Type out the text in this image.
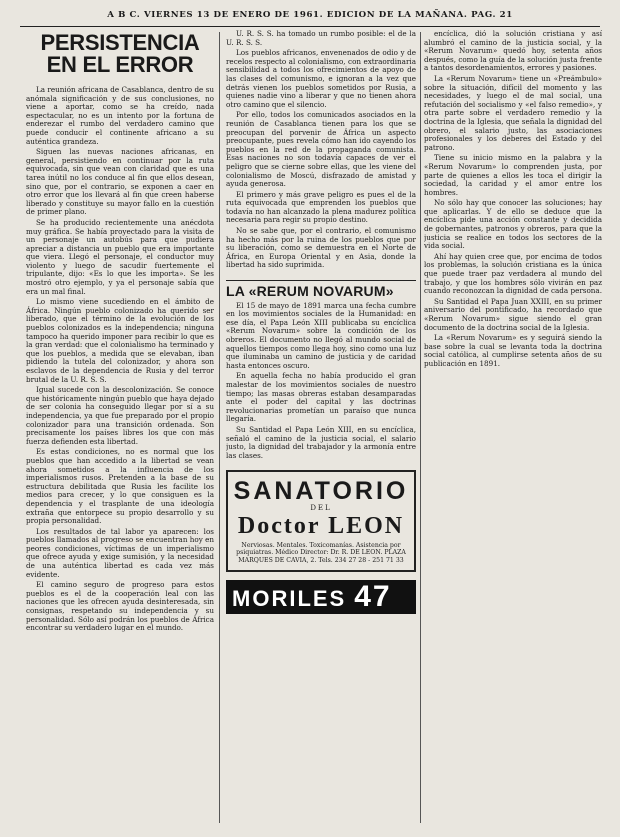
A B C. VIERNES 13 DE ENERO DE 1961. EDICION DE LA MAÑANA. PAG. 21
PERSISTENCIA EN EL ERROR

La reunión africana de Casablanca, dentro de su anómala significación y de sus conclusiones, no viene a aportar, como se ha creído, nada espectacular, no es un intento por la fortuna de enderezar el rumbo del verdadero camino que puede conducir el continente africano a su auténtica grandeza.

Siguen las nuevas naciones africanas, en general, persistiendo en continuar por la ruta equivocada, sin que vean con claridad que es una tarea inútil no los conduce al fin que ellos desean, sino que, por el contrario, se exponen a caer en otro error que los llevará al fin que creen haberse liberado y constituye su mayor fallo en la cuestión de primer plano.

Se ha producido recientemente una anécdota muy gráfica. Se había proyectado para la visita de un personaje un autobús para que pudiera apreciar a distancia un pueblo que era importante que viera. Llegó el personaje, el conductor muy violento y luego de sacudir fuertemente el tripulante, dijo: «Es lo que les importa». Se les mostró otro ejemplo, y ya el personaje sabía que era un mal final.

Lo mismo viene sucediendo en el ámbito de África. Ningún pueblo colonizado ha querido ser liberado, que el término de la evolución de los pueblos colonizados es la independencia; ninguna tampoco ha querido imponer para recibir lo que es la gran verdad: que el colonialismo ha terminado y que los pueblos, a medida que se elevaban, iban pidiendo la tutela del colonizador, y ahora son esclavos de la dependencia de Rusia y del terror brutal de la U. R. S. S.

Igual sucede con la descolonización. Se conoce que históricamente ningún pueblo que haya dejado de ser colonia ha conseguido llegar por sí a su independencia, ya que fue preparado por el propio colonizador para una transición ordenada. Son precisamente los países libres los que con más fuerza defienden esta libertad.

Es estas condiciones, no es normal que los pueblos que han accedido a la libertad se vean ahora sometidos a la influencia de los imperialismos rusos. Pretenden a la base de su estructura debilitada que Rusia les facilite los medios para crecer, y lo que consiguen es la dependencia y el trasplante de una ideología extraña que entorpece su propio desarrollo y su propia personalidad.

Los resultados de tal labor ya aparecen: los pueblos llamados al progreso se encuentran hoy en peores condiciones, víctimas de un imperialismo que ofrece ayuda y exige sumisión, y la necesidad de una auténtica libertad es cada vez más evidente.

El camino seguro de progreso para estos pueblos es el de la cooperación leal con las naciones que les ofrecen ayuda desinteresada, sin consignas, respetando su independencia y su personalidad. Sólo así podrán los pueblos de África encontrar su verdadero lugar en el mundo.

U. R. S. S. ha tomado un rumbo posible: el de la U. R. S. S.

Los pueblos africanos, envenenados de odio y de recelos respecto al colonialismo, con extraordinaria sensibilidad a todos los ofrecimientos de apoyo de las clases del comunismo, e ignoran a la vez que detrás vienen los pueblos sometidos por Rusia, a quienes nadie vino a liberar y que no tienen ahora otro camino que el silencio.

Por ello, todos los comunicados asociados en la reunión de Casablanca tienen para los que se preocupan del porvenir de África un aspecto preocupante, pues revela cómo han ido cayendo los pueblos en la red de la propaganda comunista. Esas naciones no son todavía capaces de ver el peligro que se cierne sobre ellas, que les viene del colonialismo de Moscú, disfrazado de amistad y ayuda generosa.

El primero y más grave peligro es pues el de la ruta equivocada que emprenden los pueblos que todavía no han alcanzado la plena madurez política necesaria para regir su propio destino.

No se sabe que, por el contrario, el comunismo ha hecho más por la ruina de los pueblos que por su liberación, como se demuestra en el Norte de África, en Europa Oriental y en Asia, donde la libertad ha sido suprimida.

LA «RERUM NOVARUM»

El 15 de mayo de 1891 marca una fecha cumbre en los movimientos sociales de la Humanidad: en ese día, el Papa León XIII publicaba su encíclica «Rerum Novarum» sobre la condición de los obreros. El documento no llegó al mundo social de aquellos tiempos como llega hoy, sino como una luz que iluminaba un camino de justicia y de caridad hasta entonces oscuro.

En aquella fecha no había producido el gran malestar de los movimientos sociales de nuestro tiempo; las masas obreras estaban desamparadas ante el poder del capital y las doctrinas revolucionarias prometían un paraíso que nunca llegaría.

Su Santidad el Papa León XIII, en su encíclica, señaló el camino de la justicia social, el salario justo, la dignidad del trabajador y la armonía entre las clases.

SANATORIO
DEL
Doctor LEON
Nerviosas. Mentales. Toxicomanías. Asistencia por psiquiatras. Médico Director: Dr. R. DE LEON. PLAZA MARQUES DE CAVIA, 2. Tels. 234 27 28 - 251 71 33
MORILES 47

encíclica, dió la solución cristiana y así alumbró el camino de la justicia social, y la «Rerum Novarum» quedó hoy, setenta años después, como la guía de la solución justa frente a tantos desordenamientos, errores y pasiones.

La «Rerum Novarum» tiene un «Preámbulo» sobre la situación, difícil del momento y las necesidades, y luego el de mal social, una refutación del socialismo y «el falso remedio», y otra parte sobre el verdadero remedio y la doctrina de la Iglesia, que señala la dignidad del obrero, el salario justo, las asociaciones profesionales y los deberes del Estado y del patrono.

Tiene su inicio mismo en la palabra y la «Rerum Novarum» lo comprenden justa, por parte de quienes a ellos les toca el dirigir la sociedad, la caridad y el amor entre los hombres.

No sólo hay que conocer las soluciones; hay que aplicarlas. Y de ello se deduce que la encíclica pide una acción constante y decidida de gobernantes, patronos y obreros, para que la justicia se realice en todos los sectores de la vida social.

Ahí hay quien cree que, por encima de todos los problemas, la solución cristiana es la única que puede traer paz verdadera al mundo del trabajo, y que los hombres sólo vivirán en paz cuando reconozcan la dignidad de cada persona.

Su Santidad el Papa Juan XXIII, en su primer aniversario del pontificado, ha recordado que «Rerum Novarum» sigue siendo el gran documento de la doctrina social de la Iglesia.

La «Rerum Novarum» es y seguirá siendo la base sobre la cual se levanta toda la doctrina social católica, al cumplirse setenta años de su publicación en 1891.
